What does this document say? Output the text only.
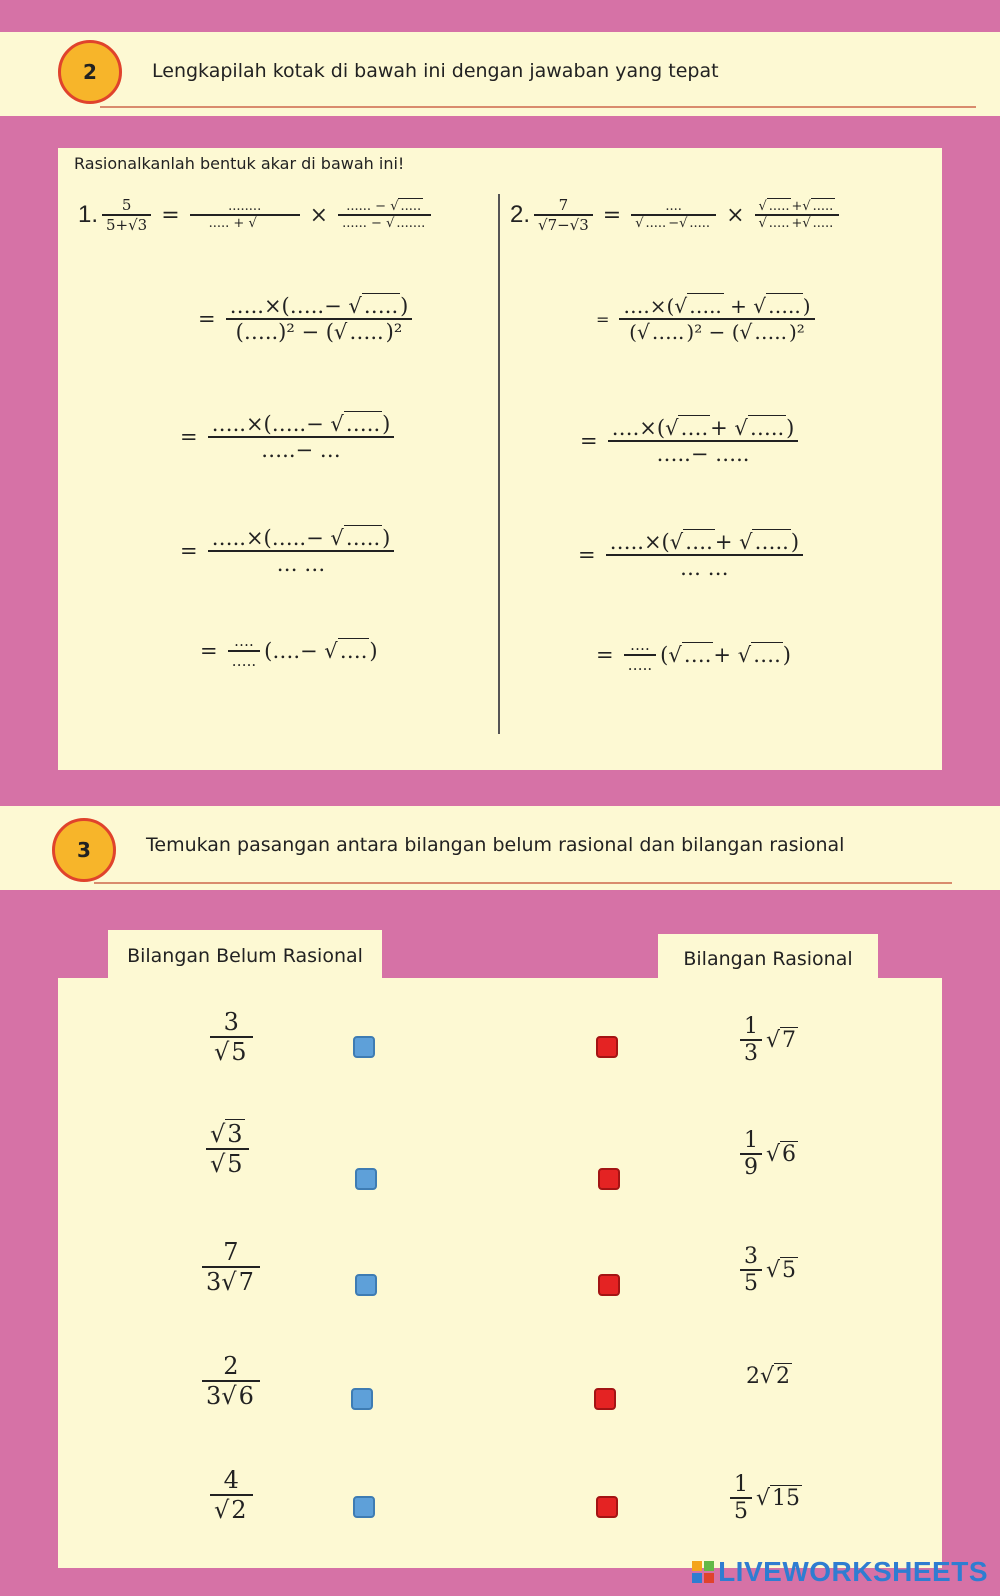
2	Lengkapilah kotak di bawah ini dengan jawaban yang tepat
Rasionalkanlah bentuk akar di bawah ini!
1. $\frac{5}{5+√3} = \frac{........}{..... + √} \times \frac{...... - √ .....}{...... - √ .......}$
= $\frac{\dots..\times(\dots..- √\dots..)}{\text{(…..)² − (√…..)²}}$
= $\frac{\dots..\times(\dots..- √\dots..)}{\dots..- \dots}$
= $\frac{\dots..\times(\dots..- √\dots..)}{\dots \dots}$
= $\frac{\dots.}{\dots..}$ (….− √….)
2. $\frac{7}{√7-√3} = \frac{....}{√ ..... -√ .....} \times \frac{√ ..... +√ .....}{√ ..... +√ .....}$
= $\frac{\dots.\times(√ \dots.. + √ \dots.. )}{\text{(√ ….. )² − (√ ….. )²}}$
= $\frac{\dots.\times(√\dots.+ √\dots..)}{\dots..- \dots..}$
= $\frac{\dots..\times(√\dots.+ √\dots..)}{\dots \dots}$
= $\frac{\dots.}{\dots..}$ (√….+ √….)
3	Temukan pasangan antara bilangan belum rasional dan bilangan rasional
Bilangan Belum Rasional	Bilangan Rasional
$\frac{3}{√5}$	$\frac{1}{3} √7$
$\frac{√3}{√5}$	$\frac{1}{9} √6$
$\frac{7}{3√7}$	$\frac{3}{5} √5$
$\frac{2}{3√6}$	2 √2
$\frac{4}{√2}$	$\frac{1}{5} √15$
LIVEWORKSHEETS
